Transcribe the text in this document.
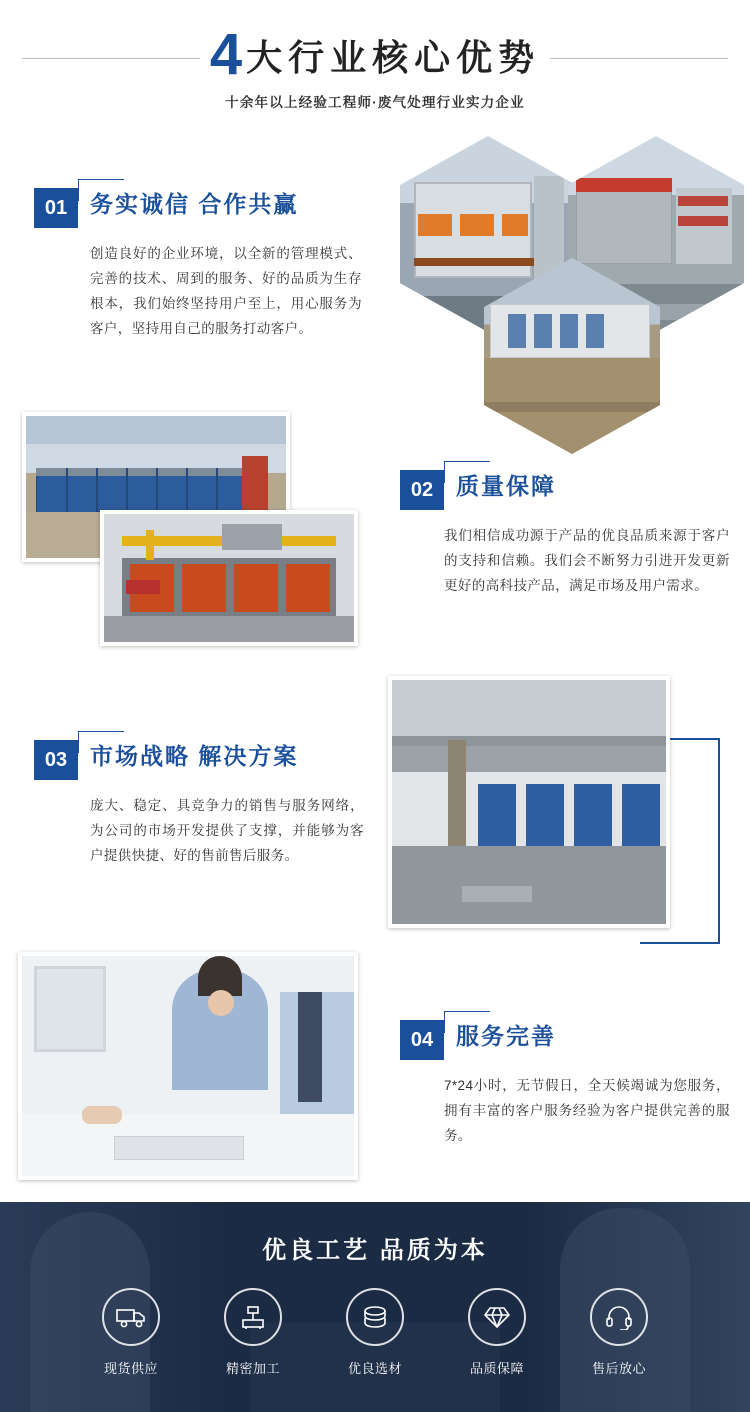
4 大行业核心优势
十余年以上经验工程师·废气处理行业实力企业
01 务实诚信 合作共赢
创造良好的企业环境，以全新的管理模式、完善的技术、周到的服务、好的品质为生存根本，我们始终坚持用户至上，用心服务为客户，坚持用自己的服务打动客户。
02 质量保障
我们相信成功源于产品的优良品质来源于客户的支持和信赖。我们会不断努力引进开发更新更好的高科技产品，满足市场及用户需求。
03 市场战略 解决方案
庞大、稳定、具竞争力的销售与服务网络，为公司的市场开发提供了支撑，并能够为客户提供快捷、好的售前售后服务。
04 服务完善
7*24小时，无节假日，全天候竭诚为您服务，拥有丰富的客户服务经验为客户提供完善的服务。
优良工艺 品质为本
现货供应	精密加工	优良选材	品质保障	售后放心
